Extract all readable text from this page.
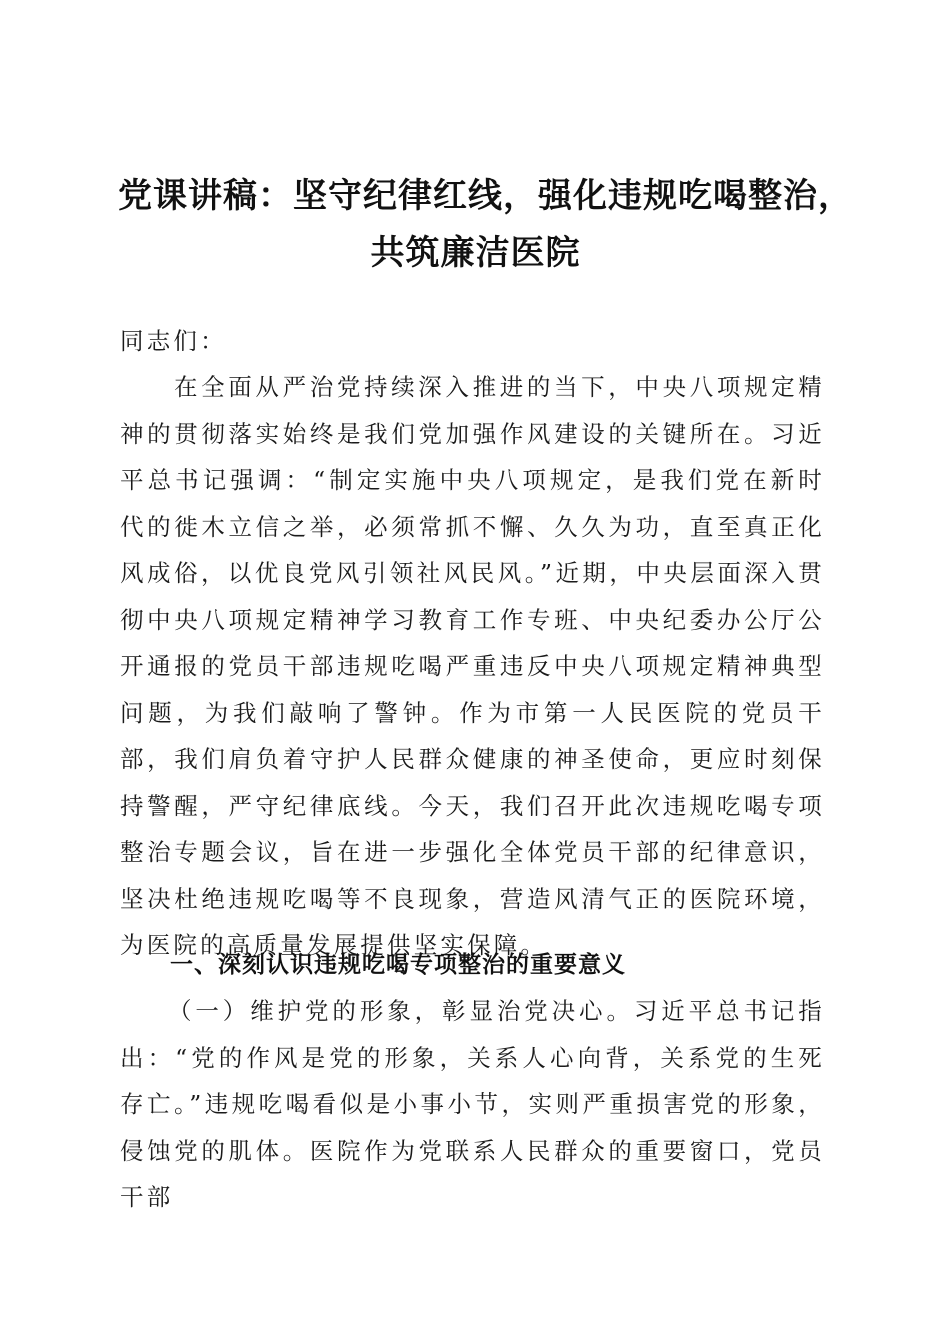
党课讲稿：坚守纪律红线，强化违规吃喝整治，
共筑廉洁医院
同志们：
在全面从严治党持续深入推进的当下，中央八项规定精神的贯彻落实始终是我们党加强作风建设的关键所在。习近平总书记强调：“制定实施中央八项规定，是我们党在新时代的徙木立信之举，必须常抓不懈、久久为功，直至真正化风成俗，以优良党风引领社风民风。”近期，中央层面深入贯彻中央八项规定精神学习教育工作专班、中央纪委办公厅公开通报的党员干部违规吃喝严重违反中央八项规定精神典型问题，为我们敲响了警钟。作为市第一人民医院的党员干部，我们肩负着守护人民群众健康的神圣使命，更应时刻保持警醒，严守纪律底线。今天，我们召开此次违规吃喝专项整治专题会议，旨在进一步强化全体党员干部的纪律意识，坚决杜绝违规吃喝等不良现象，营造风清气正的医院环境，为医院的高质量发展提供坚实保障。
一、深刻认识违规吃喝专项整治的重要意义
（一）维护党的形象，彰显治党决心。习近平总书记指出：“党的作风是党的形象，关系人心向背，关系党的生死存亡。”违规吃喝看似是小事小节，实则严重损害党的形象，侵蚀党的肌体。医院作为党联系人民群众的重要窗口，党员干部
